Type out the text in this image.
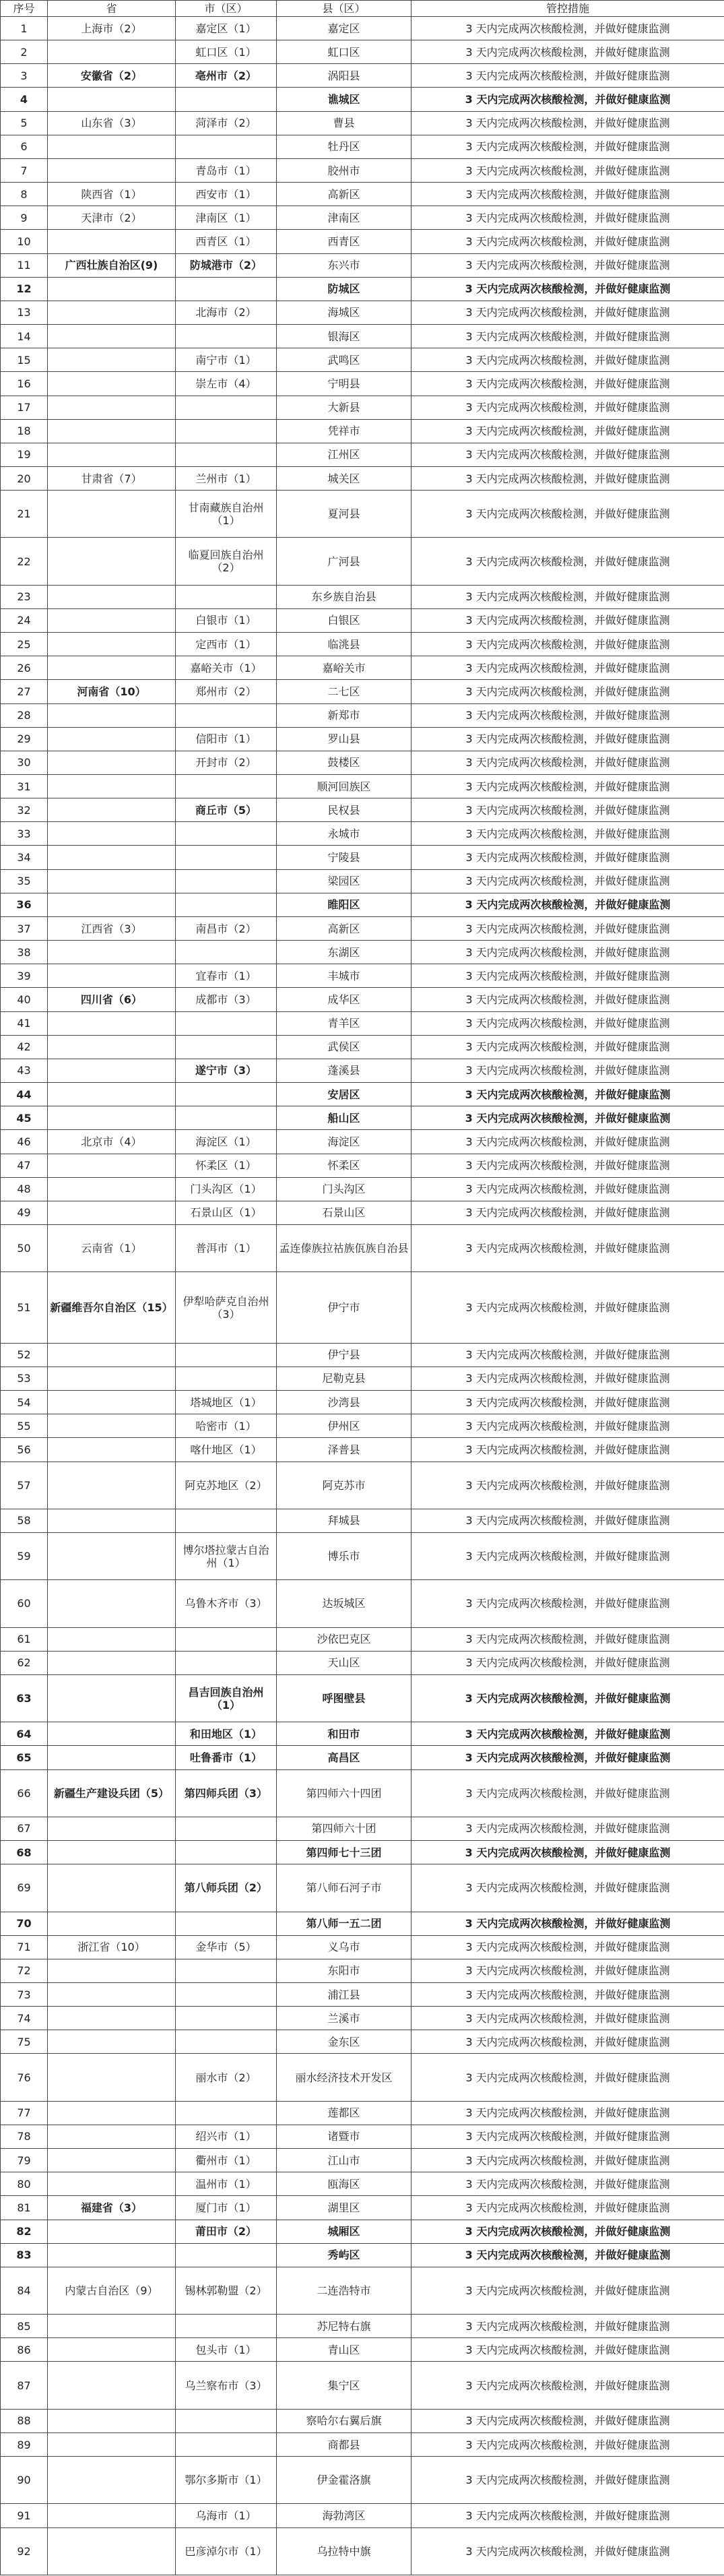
序号	省	市（区）	县（区）	管控措施
1	上海市（2）	嘉定区（1）	嘉定区	3 天内完成两次核酸检测，并做好健康监测
2		虹口区（1）	虹口区	3 天内完成两次核酸检测，并做好健康监测
3	安徽省（2）	亳州市（2）	涡阳县	3 天内完成两次核酸检测，并做好健康监测
4			谯城区	3 天内完成两次核酸检测，并做好健康监测
5	山东省（3）	菏泽市（2）	曹县	3 天内完成两次核酸检测，并做好健康监测
6			牡丹区	3 天内完成两次核酸检测，并做好健康监测
7		青岛市（1）	胶州市	3 天内完成两次核酸检测，并做好健康监测
8	陕西省（1）	西安市（1）	高新区	3 天内完成两次核酸检测，并做好健康监测
9	天津市（2）	津南区（1）	津南区	3 天内完成两次核酸检测，并做好健康监测
10		西青区（1）	西青区	3 天内完成两次核酸检测，并做好健康监测
11	广西壮族自治区(9)	防城港市（2）	东兴市	3 天内完成两次核酸检测，并做好健康监测
12			防城区	3 天内完成两次核酸检测，并做好健康监测
13		北海市（2）	海城区	3 天内完成两次核酸检测，并做好健康监测
14			银海区	3 天内完成两次核酸检测，并做好健康监测
15		南宁市（1）	武鸣区	3 天内完成两次核酸检测，并做好健康监测
16		崇左市（4）	宁明县	3 天内完成两次核酸检测，并做好健康监测
17			大新县	3 天内完成两次核酸检测，并做好健康监测
18			凭祥市	3 天内完成两次核酸检测，并做好健康监测
19			江州区	3 天内完成两次核酸检测，并做好健康监测
20	甘肃省（7）	兰州市（1）	城关区	3 天内完成两次核酸检测，并做好健康监测
21		甘南藏族自治州（1）	夏河县	3 天内完成两次核酸检测，并做好健康监测
22		临夏回族自治州（2）	广河县	3 天内完成两次核酸检测，并做好健康监测
23			东乡族自治县	3 天内完成两次核酸检测，并做好健康监测
24		白银市（1）	白银区	3 天内完成两次核酸检测，并做好健康监测
25		定西市（1）	临洮县	3 天内完成两次核酸检测，并做好健康监测
26		嘉峪关市（1）	嘉峪关市	3 天内完成两次核酸检测，并做好健康监测
27	河南省（10）	郑州市（2）	二七区	3 天内完成两次核酸检测，并做好健康监测
28			新郑市	3 天内完成两次核酸检测，并做好健康监测
29		信阳市（1）	罗山县	3 天内完成两次核酸检测，并做好健康监测
30		开封市（2）	鼓楼区	3 天内完成两次核酸检测，并做好健康监测
31			顺河回族区	3 天内完成两次核酸检测，并做好健康监测
32		商丘市（5）	民权县	3 天内完成两次核酸检测，并做好健康监测
33			永城市	3 天内完成两次核酸检测，并做好健康监测
34			宁陵县	3 天内完成两次核酸检测，并做好健康监测
35			梁园区	3 天内完成两次核酸检测，并做好健康监测
36			睢阳区	3 天内完成两次核酸检测，并做好健康监测
37	江西省（3）	南昌市（2）	高新区	3 天内完成两次核酸检测，并做好健康监测
38			东湖区	3 天内完成两次核酸检测，并做好健康监测
39		宜春市（1）	丰城市	3 天内完成两次核酸检测，并做好健康监测
40	四川省（6）	成都市（3）	成华区	3 天内完成两次核酸检测，并做好健康监测
41			青羊区	3 天内完成两次核酸检测，并做好健康监测
42			武侯区	3 天内完成两次核酸检测，并做好健康监测
43		遂宁市（3）	蓬溪县	3 天内完成两次核酸检测，并做好健康监测
44			安居区	3 天内完成两次核酸检测，并做好健康监测
45			船山区	3 天内完成两次核酸检测，并做好健康监测
46	北京市（4）	海淀区（1）	海淀区	3 天内完成两次核酸检测，并做好健康监测
47		怀柔区（1）	怀柔区	3 天内完成两次核酸检测，并做好健康监测
48		门头沟区（1）	门头沟区	3 天内完成两次核酸检测，并做好健康监测
49		石景山区（1）	石景山区	3 天内完成两次核酸检测，并做好健康监测
50	云南省（1）	普洱市（1）	孟连傣族拉祜族佤族自治县	3 天内完成两次核酸检测，并做好健康监测
51	新疆维吾尔自治区（15）	伊犁哈萨克自治州（3）	伊宁市	3 天内完成两次核酸检测，并做好健康监测
52			伊宁县	3 天内完成两次核酸检测，并做好健康监测
53			尼勒克县	3 天内完成两次核酸检测，并做好健康监测
54		塔城地区（1）	沙湾县	3 天内完成两次核酸检测，并做好健康监测
55		哈密市（1）	伊州区	3 天内完成两次核酸检测，并做好健康监测
56		喀什地区（1）	泽普县	3 天内完成两次核酸检测，并做好健康监测
57		阿克苏地区（2）	阿克苏市	3 天内完成两次核酸检测，并做好健康监测
58			拜城县	3 天内完成两次核酸检测，并做好健康监测
59		博尔塔拉蒙古自治州（1）	博乐市	3 天内完成两次核酸检测，并做好健康监测
60		乌鲁木齐市（3）	达坂城区	3 天内完成两次核酸检测，并做好健康监测
61			沙依巴克区	3 天内完成两次核酸检测，并做好健康监测
62			天山区	3 天内完成两次核酸检测，并做好健康监测
63		昌吉回族自治州（1）	呼图壁县	3 天内完成两次核酸检测，并做好健康监测
64		和田地区（1）	和田市	3 天内完成两次核酸检测，并做好健康监测
65		吐鲁番市（1）	高昌区	3 天内完成两次核酸检测，并做好健康监测
66	新疆生产建设兵团（5）	第四师兵团（3）	第四师六十四团	3 天内完成两次核酸检测，并做好健康监测
67			第四师六十团	3 天内完成两次核酸检测，并做好健康监测
68			第四师七十三团	3 天内完成两次核酸检测，并做好健康监测
69		第八师兵团（2）	第八师石河子市	3 天内完成两次核酸检测，并做好健康监测
70			第八师一五二团	3 天内完成两次核酸检测，并做好健康监测
71	浙江省（10）	金华市（5）	义乌市	3 天内完成两次核酸检测，并做好健康监测
72			东阳市	3 天内完成两次核酸检测，并做好健康监测
73			浦江县	3 天内完成两次核酸检测，并做好健康监测
74			兰溪市	3 天内完成两次核酸检测，并做好健康监测
75			金东区	3 天内完成两次核酸检测，并做好健康监测
76		丽水市（2）	丽水经济技术开发区	3 天内完成两次核酸检测，并做好健康监测
77			莲都区	3 天内完成两次核酸检测，并做好健康监测
78		绍兴市（1）	诸暨市	3 天内完成两次核酸检测，并做好健康监测
79		衢州市（1）	江山市	3 天内完成两次核酸检测，并做好健康监测
80		温州市（1）	瓯海区	3 天内完成两次核酸检测，并做好健康监测
81	福建省（3）	厦门市（1）	湖里区	3 天内完成两次核酸检测，并做好健康监测
82		莆田市（2）	城厢区	3 天内完成两次核酸检测，并做好健康监测
83			秀屿区	3 天内完成两次核酸检测，并做好健康监测
84	内蒙古自治区（9）	锡林郭勒盟（2）	二连浩特市	3 天内完成两次核酸检测，并做好健康监测
85			苏尼特右旗	3 天内完成两次核酸检测，并做好健康监测
86		包头市（1）	青山区	3 天内完成两次核酸检测，并做好健康监测
87		乌兰察布市（3）	集宁区	3 天内完成两次核酸检测，并做好健康监测
88			察哈尔右翼后旗	3 天内完成两次核酸检测，并做好健康监测
89			商都县	3 天内完成两次核酸检测，并做好健康监测
90		鄂尔多斯市（1）	伊金霍洛旗	3 天内完成两次核酸检测，并做好健康监测
91		乌海市（1）	海勃湾区	3 天内完成两次核酸检测，并做好健康监测
92		巴彦淖尔市（1）	乌拉特中旗	3 天内完成两次核酸检测，并做好健康监测
